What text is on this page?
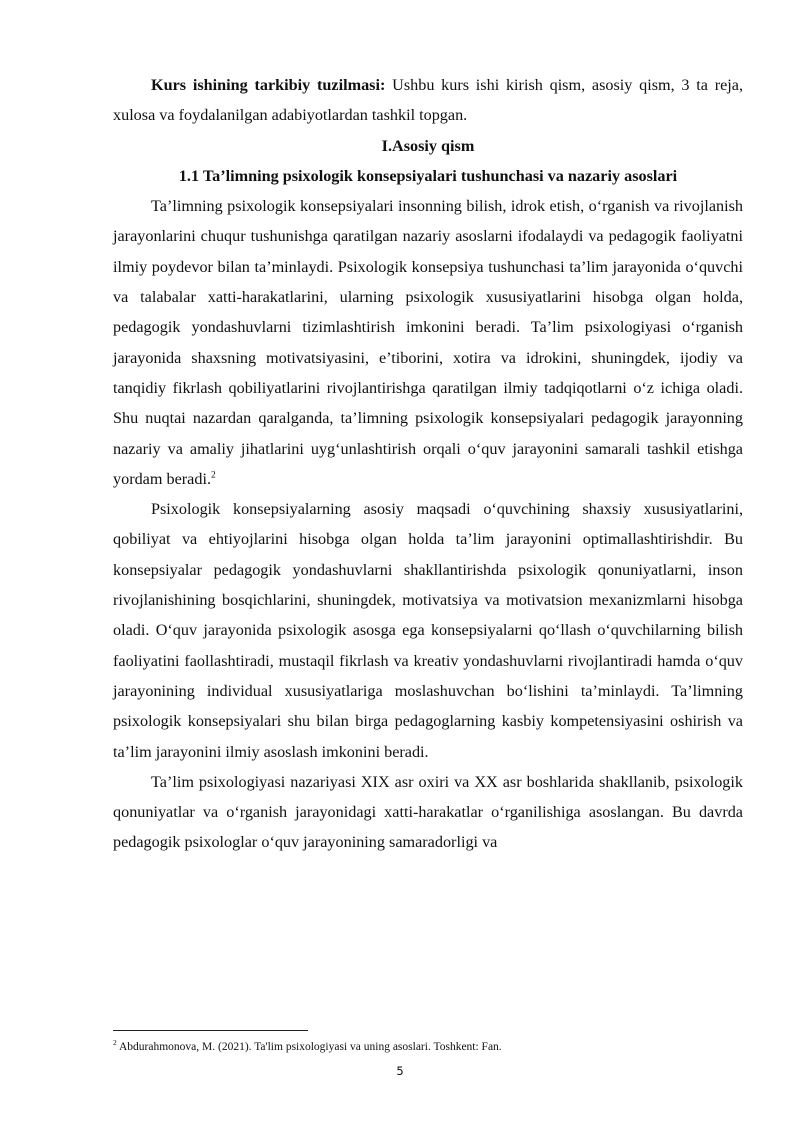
Kurs ishining tarkibiy tuzilmasi: Ushbu kurs ishi kirish qism, asosiy qism, 3 ta reja, xulosa va foydalanilgan adabiyotlardan tashkil topgan.

I.Asosiy qism

1.1 Ta’limning psixologik konsepsiyalari tushunchasi va nazariy asoslari

Ta’limning psixologik konsepsiyalari insonning bilish, idrok etish, o‘rganish va rivojlanish jarayonlarini chuqur tushunishga qaratilgan nazariy asoslarni ifodalaydi va pedagogik faoliyatni ilmiy poydevor bilan ta’minlaydi. Psixologik konsepsiya tushunchasi ta’lim jarayonida o‘quvchi va talabalar xatti-harakatlarini, ularning psixologik xususiyatlarini hisobga olgan holda, pedagogik yondashuvlarni tizimlashtirish imkonini beradi. Ta’lim psixologiyasi o‘rganish jarayonida shaxsning motivatsiyasini, e’tiborini, xotira va idrokini, shuningdek, ijodiy va tanqidiy fikrlash qobiliyatlarini rivojlantirishga qaratilgan ilmiy tadqiqotlarni o‘z ichiga oladi. Shu nuqtai nazardan qaralganda, ta’limning psixologik konsepsiyalari pedagogik jarayonning nazariy va amaliy jihatlarini uyg‘unlashtirish orqali o‘quv jarayonini samarali tashkil etishga yordam beradi.$^2$

Psixologik konsepsiyalarning asosiy maqsadi o‘quvchining shaxsiy xususiyatlarini, qobiliyat va ehtiyojlarini hisobga olgan holda ta’lim jarayonini optimallashtirishdir. Bu konsepsiyalar pedagogik yondashuvlarni shakllantirishda psixologik qonuniyatlarni, inson rivojlanishining bosqichlarini, shuningdek, motivatsiya va motivatsion mexanizmlarni hisobga oladi. O‘quv jarayonida psixologik asosga ega konsepsiyalarni qo‘llash o‘quvchilarning bilish faoliyatini faollashtiradi, mustaqil fikrlash va kreativ yondashuvlarni rivojlantiradi hamda o‘quv jarayonining individual xususiyatlariga moslashuvchan bo‘lishini ta’minlaydi. Ta’limning psixologik konsepsiyalari shu bilan birga pedagoglarning kasbiy kompetensiyasini oshirish va ta’lim jarayonini ilmiy asoslash imkonini beradi.

Ta’lim psixologiyasi nazariyasi XIX asr oxiri va XX asr boshlarida shakllanib, psixologik qonuniyatlar va o‘rganish jarayonidagi xatti-harakatlar o‘rganilishiga asoslangan. Bu davrda pedagogik psixologlar o‘quv jarayonining samaradorligi va

$^2$ Abdurahmonova, M. (2021). Ta'lim psixologiyasi va uning asoslari. Toshkent: Fan.

5
